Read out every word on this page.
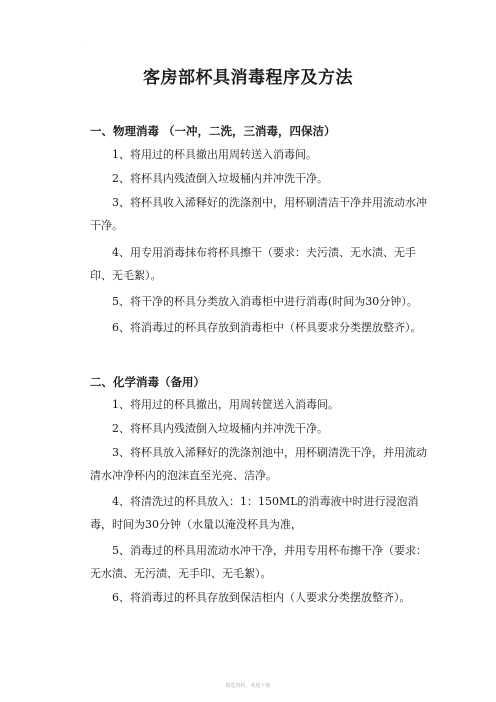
.
客房部杯具消毒程序及方法
一、物理消毒 （一冲，二洗，三消毒，四保洁）

1、将用过的杯具撤出用周转送入消毒间。

2、将杯具内残渣倒入垃圾桶内并冲洗干净。

3、将杯具收入浠释好的洗涤剂中，用杯刷清洁干净并用流动水冲干净。

4、用专用消毒抹布将杯具擦干（要求：夫污渍、无水渍、无手印、无毛絮）。

5、将干净的杯具分类放入消毒柜中进行消毒(时间为30分钟）。

6、将消毒过的杯具存放到消毒柜中（杯具要求分类摆放整齐）。

二、化学消毒（备用）

1、将用过的杯具撤出，用周转筐送入消毒间。

2、将杯具内残渣倒入垃圾桶内并冲洗干净。

3、将杯具放入浠释好的洗涤剂池中，用杯刷清洗干净，并用流动清水冲净杯内的泡沫直至光亮、洁净。

4、将清洗过的杯具放入：1：150ML的消毒液中时进行浸泡消毒，时间为30分钟（水量以淹没杯具为准，

5、消毒过的杯具用流动水冲干净，并用专用杯布擦干净（要求：无水渍、无污渍、无手印、无毛絮）。

6、将消毒过的杯具存放到保洁柜内（人要求分类摆放整齐）。

精选资料，欢迎下载
